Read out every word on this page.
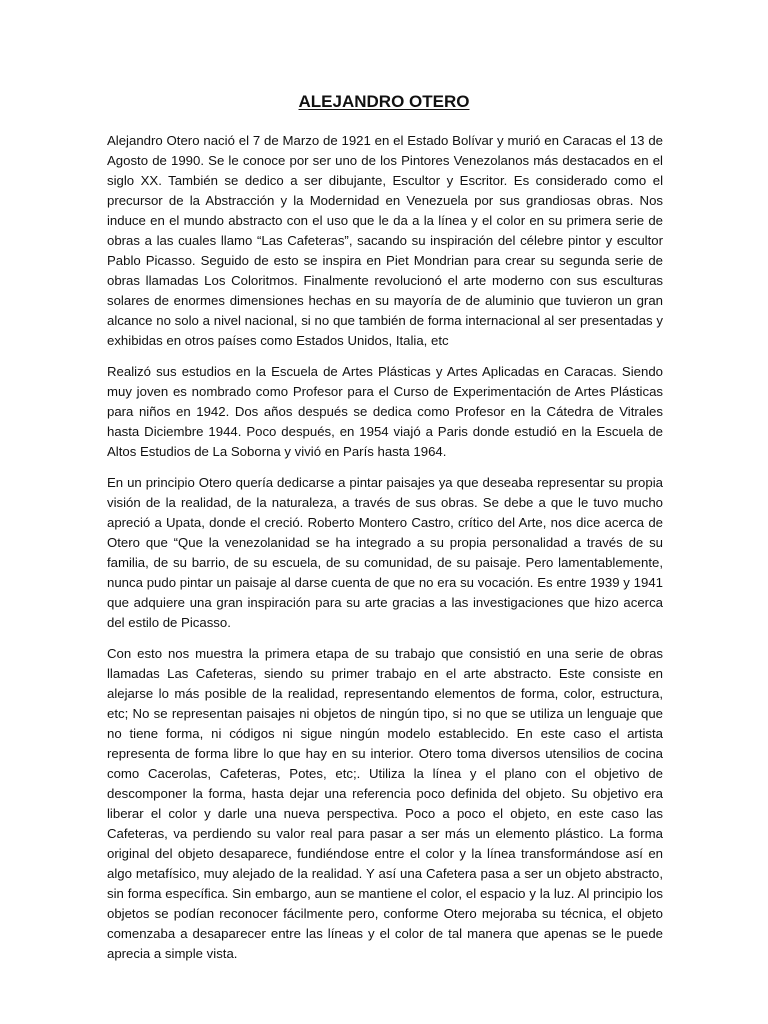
ALEJANDRO OTERO

Alejandro Otero nació el 7 de Marzo de 1921 en el Estado Bolívar y murió en Caracas el 13 de Agosto de 1990. Se le conoce por ser uno de los Pintores Venezolanos más destacados en el siglo XX. También se dedico a ser dibujante, Escultor y Escritor. Es considerado como el precursor de la Abstracción y la Modernidad en Venezuela por sus grandiosas obras. Nos induce en el mundo abstracto con el uso que le da a la línea y el color en su primera serie de obras a las cuales llamo “Las Cafeteras”, sacando su inspiración del célebre pintor y escultor Pablo Picasso. Seguido de esto se inspira en Piet Mondrian para crear su segunda serie de obras llamadas Los Coloritmos. Finalmente revolucionó el arte moderno con sus esculturas solares de enormes dimensiones hechas en su mayoría de de aluminio que tuvieron un gran alcance no solo a nivel nacional, si no que también de forma internacional al ser presentadas y exhibidas en otros países como Estados Unidos, Italia, etc

Realizó sus estudios en la Escuela de Artes Plásticas y Artes Aplicadas en Caracas. Siendo muy joven es nombrado como Profesor para el Curso de Experimentación de Artes Plásticas para niños en 1942. Dos años después se dedica como Profesor en la Cátedra de Vitrales hasta Diciembre 1944. Poco después, en 1954 viajó a Paris donde estudió en la Escuela de Altos Estudios de La Soborna y vivió en París hasta 1964.

En un principio Otero quería dedicarse a pintar paisajes ya que deseaba representar su propia visión de la realidad, de la naturaleza, a través de sus obras. Se debe a que le tuvo mucho apreció a Upata, donde el creció. Roberto Montero Castro, crítico del Arte, nos dice acerca de Otero que “Que la venezolanidad se ha integrado a su propia personalidad a través de su familia, de su barrio, de su escuela, de su comunidad, de su paisaje. Pero lamentablemente, nunca pudo pintar un paisaje al darse cuenta de que no era su vocación. Es entre 1939 y 1941 que adquiere una gran inspiración para su arte gracias a las investigaciones que hizo acerca del estilo de Picasso.

Con esto nos muestra la primera etapa de su trabajo que consistió en una serie de obras llamadas Las Cafeteras, siendo su primer trabajo en el arte abstracto. Este consiste en alejarse lo más posible de la realidad, representando elementos de forma, color, estructura, etc; No se representan paisajes ni objetos de ningún tipo, si no que se utiliza un lenguaje que no tiene forma, ni códigos ni sigue ningún modelo establecido. En este caso el artista representa de forma libre lo que hay en su interior. Otero toma diversos utensilios de cocina como Cacerolas, Cafeteras, Potes, etc;. Utiliza la línea y el plano con el objetivo de descomponer la forma, hasta dejar una referencia poco definida del objeto. Su objetivo era liberar el color y darle una nueva perspectiva. Poco a poco el objeto, en este caso las Cafeteras, va perdiendo su valor real para pasar a ser más un elemento plástico. La forma original del objeto desaparece, fundiéndose entre el color y la línea transformándose así en algo metafísico, muy alejado de la realidad. Y así una Cafetera pasa a ser un objeto abstracto, sin forma específica. Sin embargo, aun se mantiene el color, el espacio y la luz. Al principio los objetos se podían reconocer fácilmente pero, conforme Otero mejoraba su técnica, el objeto comenzaba a desaparecer entre las líneas y el color de tal manera que apenas se le puede aprecia a simple vista.
